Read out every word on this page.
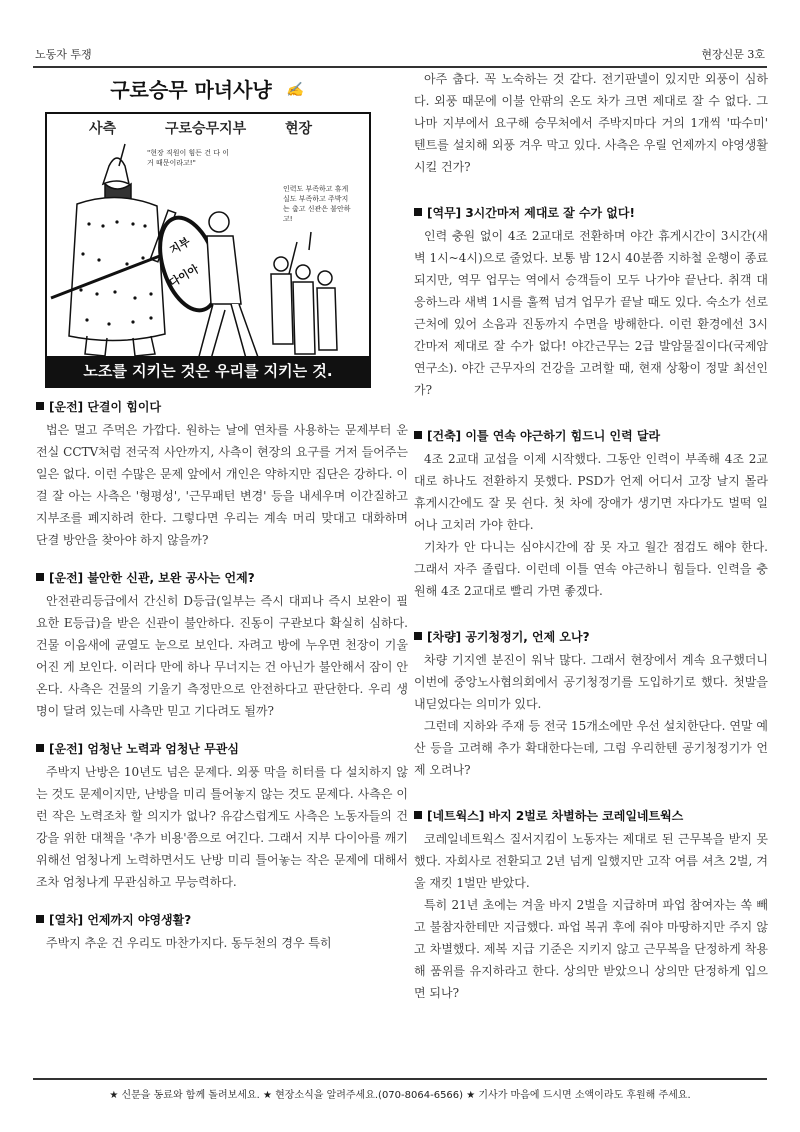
노동자 투쟁	현장신문 3호
구로승무 마녀사냥	✍
사측	구로승무지부	현장
"현장 직원이 힘든 건 다 이거 때문이라고!"
인력도 부족하고 휴게실도 부족하고 주박지는 춥고 신관은 불안하고!
지부
다이아
노조를 지키는 것은 우리를 지키는 것.
[운전] 단결이 힘이다

법은 멀고 주먹은 가깝다. 원하는 날에 연차를 사용하는 문제부터 운전실 CCTV처럼 전국적 사안까지, 사측이 현장의 요구를 거저 들어주는 일은 없다. 이런 수많은 문제 앞에서 개인은 약하지만 집단은 강하다. 이걸 잘 아는 사측은 '형평성', '근무패턴 변경' 등을 내세우며 이간질하고 지부조를 폐지하려 한다. 그렇다면 우리는 계속 머리 맞대고 대화하며 단결 방안을 찾아야 하지 않을까?

[운전] 불안한 신관, 보완 공사는 언제?

안전관리등급에서 간신히 D등급(일부는 즉시 대피나 즉시 보완이 필요한 E등급)을 받은 신관이 불안하다. 진동이 구관보다 확실히 심하다. 건물 이음새에 균열도 눈으로 보인다. 자려고 방에 누우면 천장이 기울어진 게 보인다. 이러다 만에 하나 무너지는 건 아닌가 불안해서 잠이 안 온다. 사측은 건물의 기울기 측정만으로 안전하다고 판단한다. 우리 생명이 달려 있는데 사측만 믿고 기다려도 될까?

[운전] 엄청난 노력과 엄청난 무관심

주박지 난방은 10년도 넘은 문제다. 외풍 막을 히터를 다 설치하지 않는 것도 문제이지만, 난방을 미리 틀어놓지 않는 것도 문제다. 사측은 이런 작은 노력조차 할 의지가 없나? 유감스럽게도 사측은 노동자들의 건강을 위한 대책을 '추가 비용'쯤으로 여긴다. 그래서 지부 다이아를 깨기 위해선 엄청나게 노력하면서도 난방 미리 틀어놓는 작은 문제에 대해서조차 엄청나게 무관심하고 무능력하다.

[열차] 언제까지 야영생활?

주박지 추운 건 우리도 마찬가지다. 동두천의 경우 특히

아주 춥다. 꼭 노숙하는 것 같다. 전기판넬이 있지만 외풍이 심하다. 외풍 때문에 이불 안팎의 온도 차가 크면 제대로 잘 수 없다. 그나마 지부에서 요구해 승무처에서 주박지마다 거의 1개씩 '따수미' 텐트를 설치해 외풍 겨우 막고 있다. 사측은 우릴 언제까지 야영생활 시킬 건가?

[역무] 3시간마저 제대로 잘 수가 없다!

인력 충원 없이 4조 2교대로 전환하며 야간 휴게시간이 3시간(새벽 1시~4시)으로 줄었다. 보통 밤 12시 40분쯤 지하철 운행이 종료되지만, 역무 업무는 역에서 승객들이 모두 나가야 끝난다. 취객 대응하느라 새벽 1시를 훌쩍 넘겨 업무가 끝날 때도 있다. 숙소가 선로 근처에 있어 소음과 진동까지 수면을 방해한다. 이런 환경에선 3시간마저 제대로 잘 수가 없다! 야간근무는 2급 발암물질이다(국제암연구소). 야간 근무자의 건강을 고려할 때, 현재 상황이 정말 최선인가?

[건축] 이틀 연속 야근하기 힘드니 인력 달라

4조 2교대 교섭을 이제 시작했다. 그동안 인력이 부족해 4조 2교대로 하나도 전환하지 못했다. PSD가 언제 어디서 고장 날지 몰라 휴게시간에도 잘 못 쉰다. 첫 차에 장애가 생기면 자다가도 벌떡 일어나 고치러 가야 한다.

기차가 안 다니는 심야시간에 잠 못 자고 월간 점검도 해야 한다. 그래서 자주 졸립다. 이런데 이틀 연속 야근하니 힘들다. 인력을 충원해 4조 2교대로 빨리 가면 좋겠다.

[차량] 공기청정기, 언제 오나?

차량 기지엔 분진이 워낙 많다. 그래서 현장에서 계속 요구했더니 이번에 중앙노사협의회에서 공기청정기를 도입하기로 했다. 첫발을 내딛었다는 의미가 있다.

그런데 지하와 주재 등 전국 15개소에만 우선 설치한단다. 연말 예산 등을 고려해 추가 확대한다는데, 그럼 우리한텐 공기청정기가 언제 오려나?

[네트웍스] 바지 2벌로 차별하는 코레일네트웍스

코레일네트웍스 질서지킴이 노동자는 제대로 된 근무복을 받지 못했다. 자회사로 전환되고 2년 넘게 일했지만 고작 여름 셔츠 2벌, 겨울 재킷 1벌만 받았다.

특히 21년 초에는 겨울 바지 2벌을 지급하며 파업 참여자는 쏙 빼고 불참자한테만 지급했다. 파업 복귀 후에 줘야 마땅하지만 주지 않고 차별했다. 제복 지급 기준은 지키지 않고 근무복을 단정하게 착용해 품위를 유지하라고 한다. 상의만 받았으니 상의만 단정하게 입으면 되나?

★ 신문을 동료와 함께 돌려보세요. ★ 현장소식을 알려주세요.(070-8064-6566) ★ 기사가 마음에 드시면 소액이라도 후원해 주세요.
